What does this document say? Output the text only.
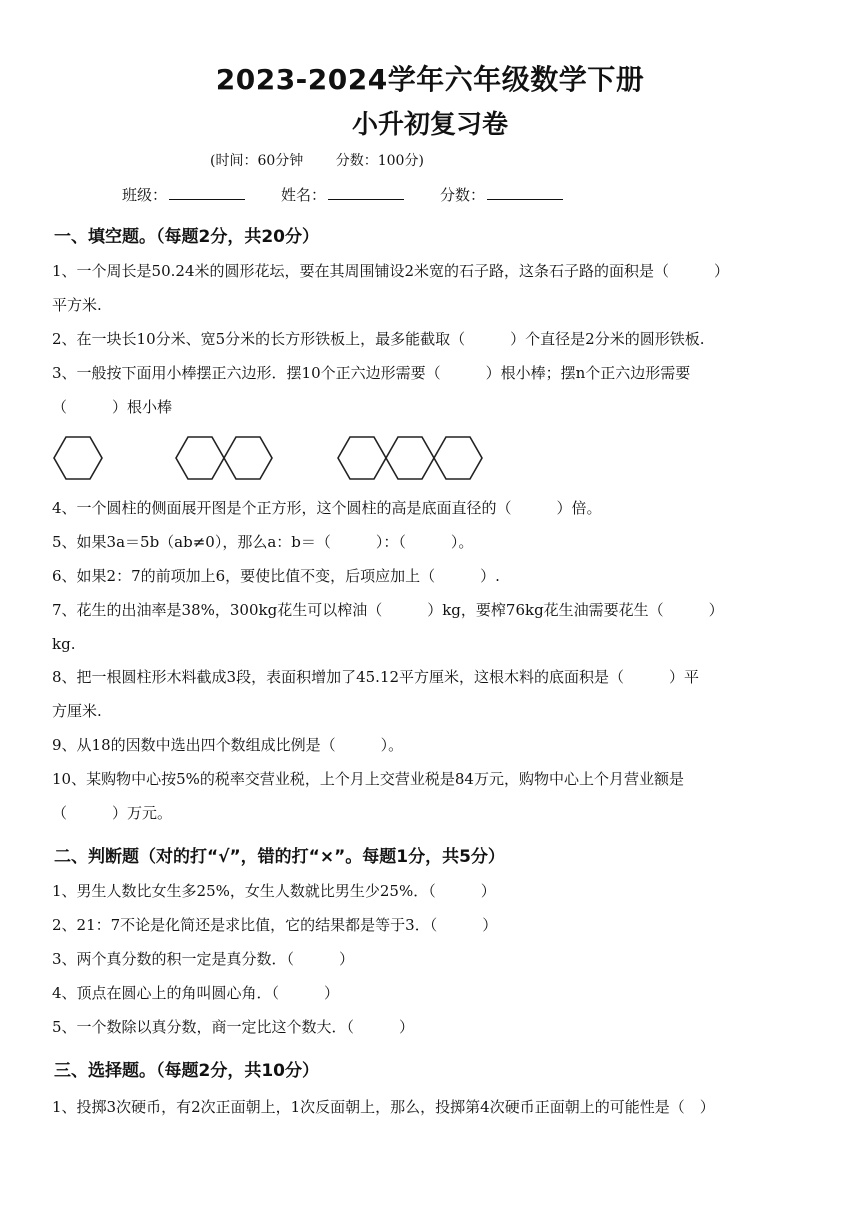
2023-2024学年六年级数学下册
小升初复习卷
(时间：60分钟 分数：100分)
班级：	姓名：	分数：
一、填空题。（每题2分，共20分）
1、一个周长是50.24米的圆形花坛，要在其周围铺设2米宽的石子路，这条石子路的面积是（　　　）
平方米.
2、在一块长10分米、宽5分米的长方形铁板上，最多能截取（　　　）个直径是2分米的圆形铁板.
3、一般按下面用小棒摆正六边形．摆10个正六边形需要（　　　）根小棒；摆n个正六边形需要
（　　　）根小棒
4、一个圆柱的侧面展开图是个正方形，这个圆柱的高是底面直径的（　　　）倍。
5、如果3a＝5b（ab≠0），那么a：b＝（　　　）：（　　　）。
6、如果2：7的前项加上6，要使比值不变，后项应加上（　　　）.
7、花生的出油率是38%，300kg花生可以榨油（　　　）kg，要榨76kg花生油需要花生（　　　）
kg.
8、把一根圆柱形木料截成3段，表面积增加了45.12平方厘米，这根木料的底面积是（　　　）平
方厘米.
9、从18的因数中选出四个数组成比例是（　　　）。
10、某购物中心按5%的税率交营业税，上个月上交营业税是84万元，购物中心上个月营业额是
（　　　）万元。
二、判断题（对的打“√”，错的打“×”。每题1分，共5分）
1、男生人数比女生多25%，女生人数就比男生少25%．（　　　）
2、21：7不论是化简还是求比值，它的结果都是等于3．（　　　）
3、两个真分数的积一定是真分数．（　　　）
4、顶点在圆心上的角叫圆心角．（　　　）
5、一个数除以真分数，商一定比这个数大．（　　　）
三、选择题。（每题2分，共10分）
1、投掷3次硬币，有2次正面朝上，1次反面朝上，那么，投掷第4次硬币正面朝上的可能性是（　）
